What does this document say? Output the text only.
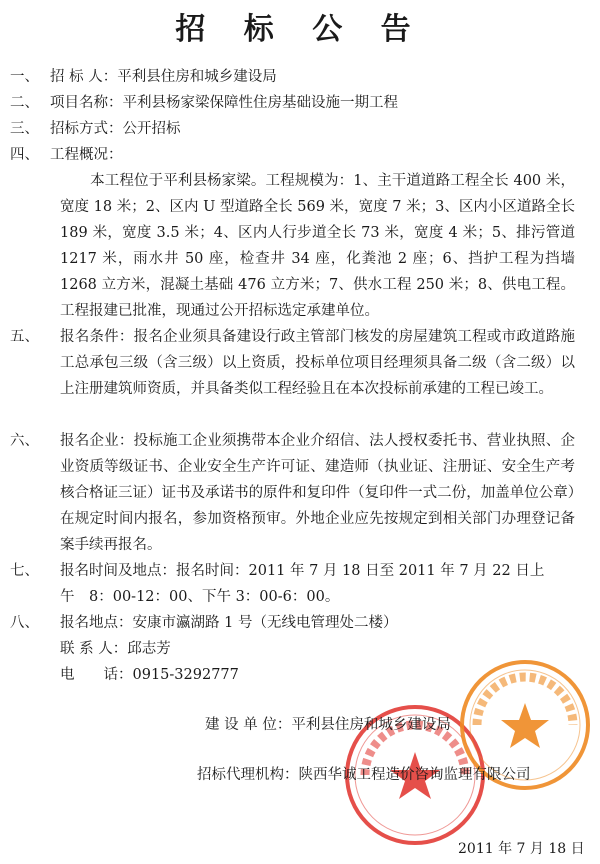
招 标 公 告
一、 招 标 人：平利县住房和城乡建设局
二、 项目名称：平利县杨家梁保障性住房基础设施一期工程
三、 招标方式：公开招标
四、 工程概况：
本工程位于平利县杨家梁。工程规模为：1、主干道道路工程全长 400 米，宽度 18 米；2、区内 U 型道路全长 569 米，宽度 7 米；3、区内小区道路全长 189 米，宽度 3.5 米；4、区内人行步道全长 73 米，宽度 4 米；5、排污管道 1217 米，雨水井 50 座，检查井 34 座，化粪池 2 座；6、挡护工程为挡墙 1268 立方米，混凝土基础 476 立方米；7、供水工程 250 米；8、供电工程。工程报建已批准，现通过公开招标选定承建单位。
五、 报名条件：报名企业须具备建设行政主管部门核发的房屋建筑工程或市政道路施工总承包三级（含三级）以上资质，投标单位项目经理须具备二级（含二级）以上注册建筑师资质，并具备类似工程经验且在本次投标前承建的工程已竣工。
六、 报名企业：投标施工企业须携带本企业介绍信、法人授权委托书、营业执照、企业资质等级证书、企业安全生产许可证、建造师（执业证、注册证、安全生产考核合格证三证）证书及承诺书的原件和复印件（复印件一式二份，加盖单位公章）在规定时间内报名，参加资格预审。外地企业应先按规定到相关部门办理登记备案手续再报名。
七、 报名时间及地点：报名时间：2011 年 7 月 18 日至 2011 年 7 月 22 日上
午　8：00-12：00、下午 3：00-6：00。
八、 报名地点：安康市瀛湖路 1 号（无线电管理处二楼）
联 系 人：邱志芳
电　　话：0915-3292777
建 设 单 位：平利县住房和城乡建设局
招标代理机构：陕西华诚工程造价咨询监理有限公司
2011 年 7 月 18 日
